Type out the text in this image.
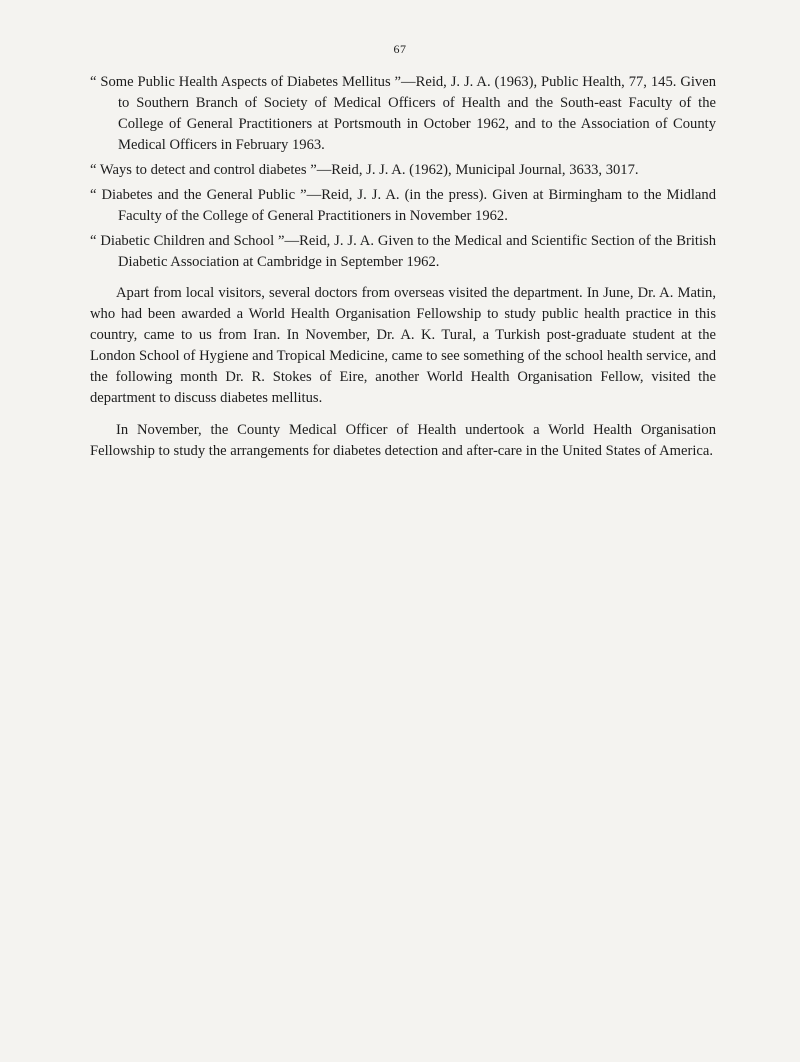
67
“ Some Public Health Aspects of Diabetes Mellitus ”—Reid, J. J. A. (1963), Public Health, 77, 145. Given to Southern Branch of Society of Medical Officers of Health and the South-east Faculty of the College of General Practitioners at Portsmouth in October 1962, and to the Association of County Medical Officers in February 1963.
“ Ways to detect and control diabetes ”—Reid, J. J. A. (1962), Municipal Journal, 3633, 3017.
“ Diabetes and the General Public ”—Reid, J. J. A. (in the press). Given at Birmingham to the Midland Faculty of the College of General Practitioners in November 1962.
“ Diabetic Children and School ”—Reid, J. J. A. Given to the Medical and Scientific Section of the British Diabetic Association at Cambridge in September 1962.

Apart from local visitors, several doctors from overseas visited the department. In June, Dr. A. Matin, who had been awarded a World Health Organisation Fellowship to study public health practice in this country, came to us from Iran. In November, Dr. A. K. Tural, a Turkish post-graduate student at the London School of Hygiene and Tropical Medicine, came to see something of the school health service, and the following month Dr. R. Stokes of Eire, another World Health Organisation Fellow, visited the department to discuss diabetes mellitus.

In November, the County Medical Officer of Health undertook a World Health Organisation Fellowship to study the arrangements for diabetes detection and after-care in the United States of America.
